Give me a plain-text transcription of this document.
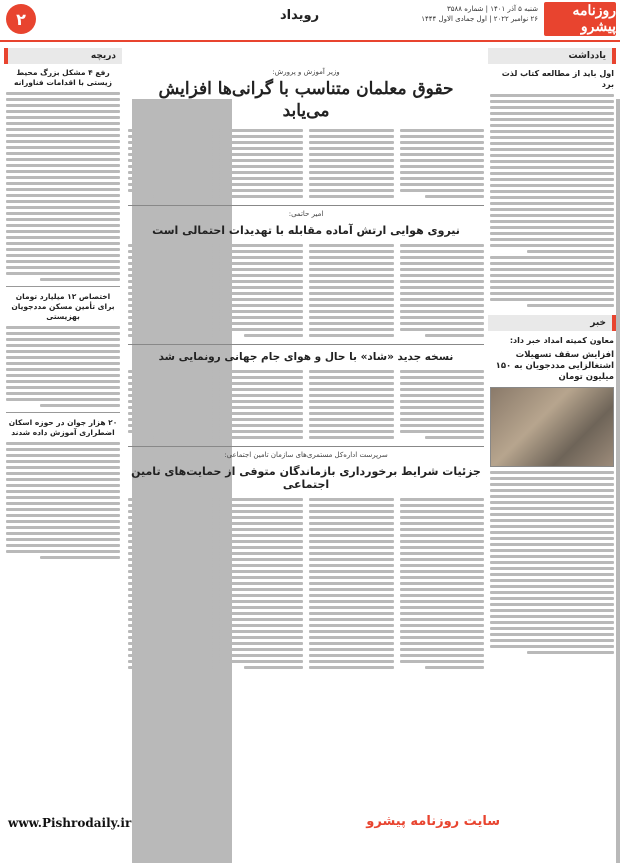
روزنامه پیشرو
شنبه ۵ آذر ۱۴۰۱ | شماره ۳۵۸۸
۲۶ نوامبر ۲۰۲۲ | اول جمادی الاول ۱۴۴۴
رویداد
۲
یادداشت
اول باید از مطالعه کتاب لذت برد
خبر
معاون کمیته امداد خبر داد:
افزایش سقف تسهیلات اشتغالزایی مددجویان به ۱۵۰ میلیون تومان
دریچه
رفع ۴ مشکل بزرگ محیط زیستی با اقدامات فناورانه
اختصاص ۱۲ میلیارد تومان برای تأمین مسکن مددجویان بهزیستی
۲۰ هزار جوان در حوزه اسکان اضطراری آموزش داده شدند
وزیر آموزش و پرورش:
حقوق معلمان متناسب با گرانی‌ها افزایش می‌یابد
امیر حاتمی:
نیروی هوایی ارتش آماده مقابله با تهدیدات احتمالی است
نسخه جدید «شاد» با حال و هوای جام جهانی رونمایی شد
سرپرست اداره‌کل مستمری‌های سازمان تامین اجتماعی:
جزئیات شرایط برخورداری بازماندگان متوفی از حمایت‌های تامین اجتماعی
سایت روزنامه پیشرو
www.Pishrodaily.ir
